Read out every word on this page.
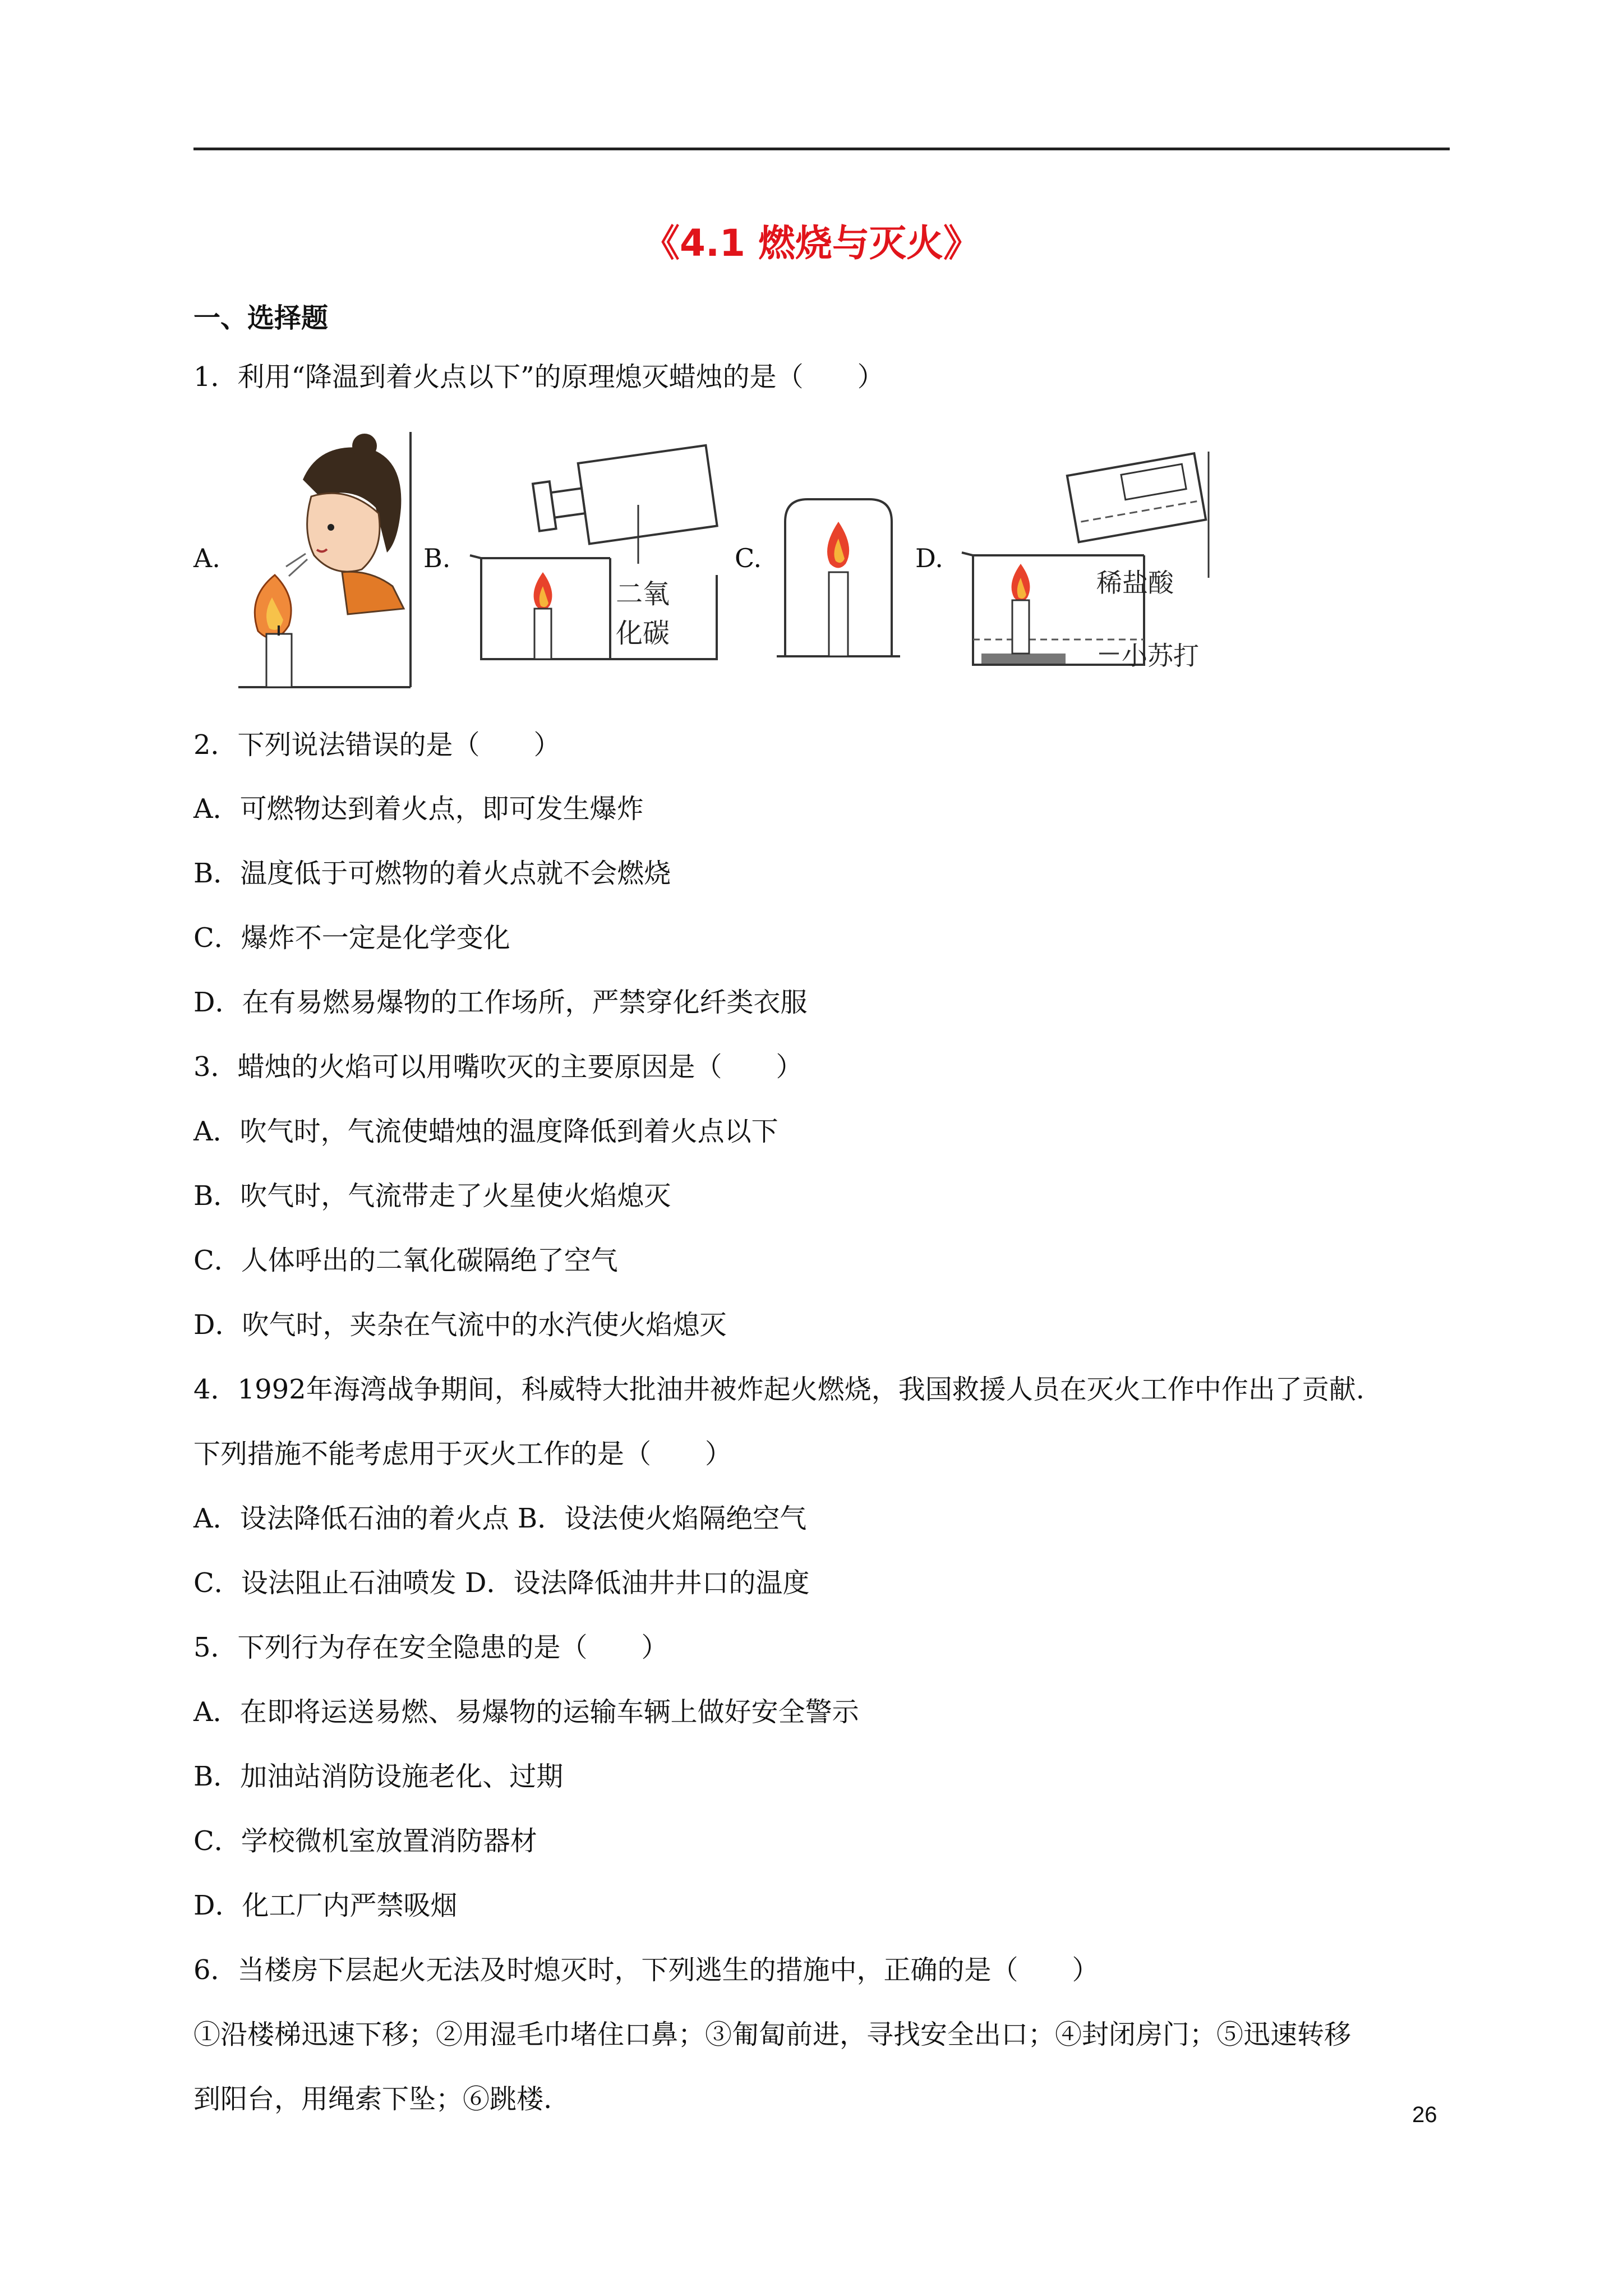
《4.1 燃烧与灭火》
一、选择题
1．利用“降温到着火点以下”的原理熄灭蜡烛的是（　　）
A.	B.	C.	D.
二氧
化碳
稀盐酸
小苏打
2．下列说法错误的是（　　）
A．可燃物达到着火点，即可发生爆炸
B．温度低于可燃物的着火点就不会燃烧
C．爆炸不一定是化学变化
D．在有易燃易爆物的工作场所，严禁穿化纤类衣服
3．蜡烛的火焰可以用嘴吹灭的主要原因是（　　）
A．吹气时，气流使蜡烛的温度降低到着火点以下
B．吹气时，气流带走了火星使火焰熄灭
C．人体呼出的二氧化碳隔绝了空气
D．吹气时，夹杂在气流中的水汽使火焰熄灭
4．1992年海湾战争期间，科威特大批油井被炸起火燃烧，我国救援人员在灭火工作中作出了贡献.
下列措施不能考虑用于灭火工作的是（　　）
A．设法降低石油的着火点 B．设法使火焰隔绝空气
C．设法阻止石油喷发 D．设法降低油井井口的温度
5．下列行为存在安全隐患的是（　　）
A．在即将运送易燃、易爆物的运输车辆上做好安全警示
B．加油站消防设施老化、过期
C．学校微机室放置消防器材
D．化工厂内严禁吸烟
6．当楼房下层起火无法及时熄灭时，下列逃生的措施中，正确的是（　　）
①沿楼梯迅速下移；②用湿毛巾堵住口鼻；③匍匐前进，寻找安全出口；④封闭房门；⑤迅速转移
到阳台，用绳索下坠；⑥跳楼.	26
